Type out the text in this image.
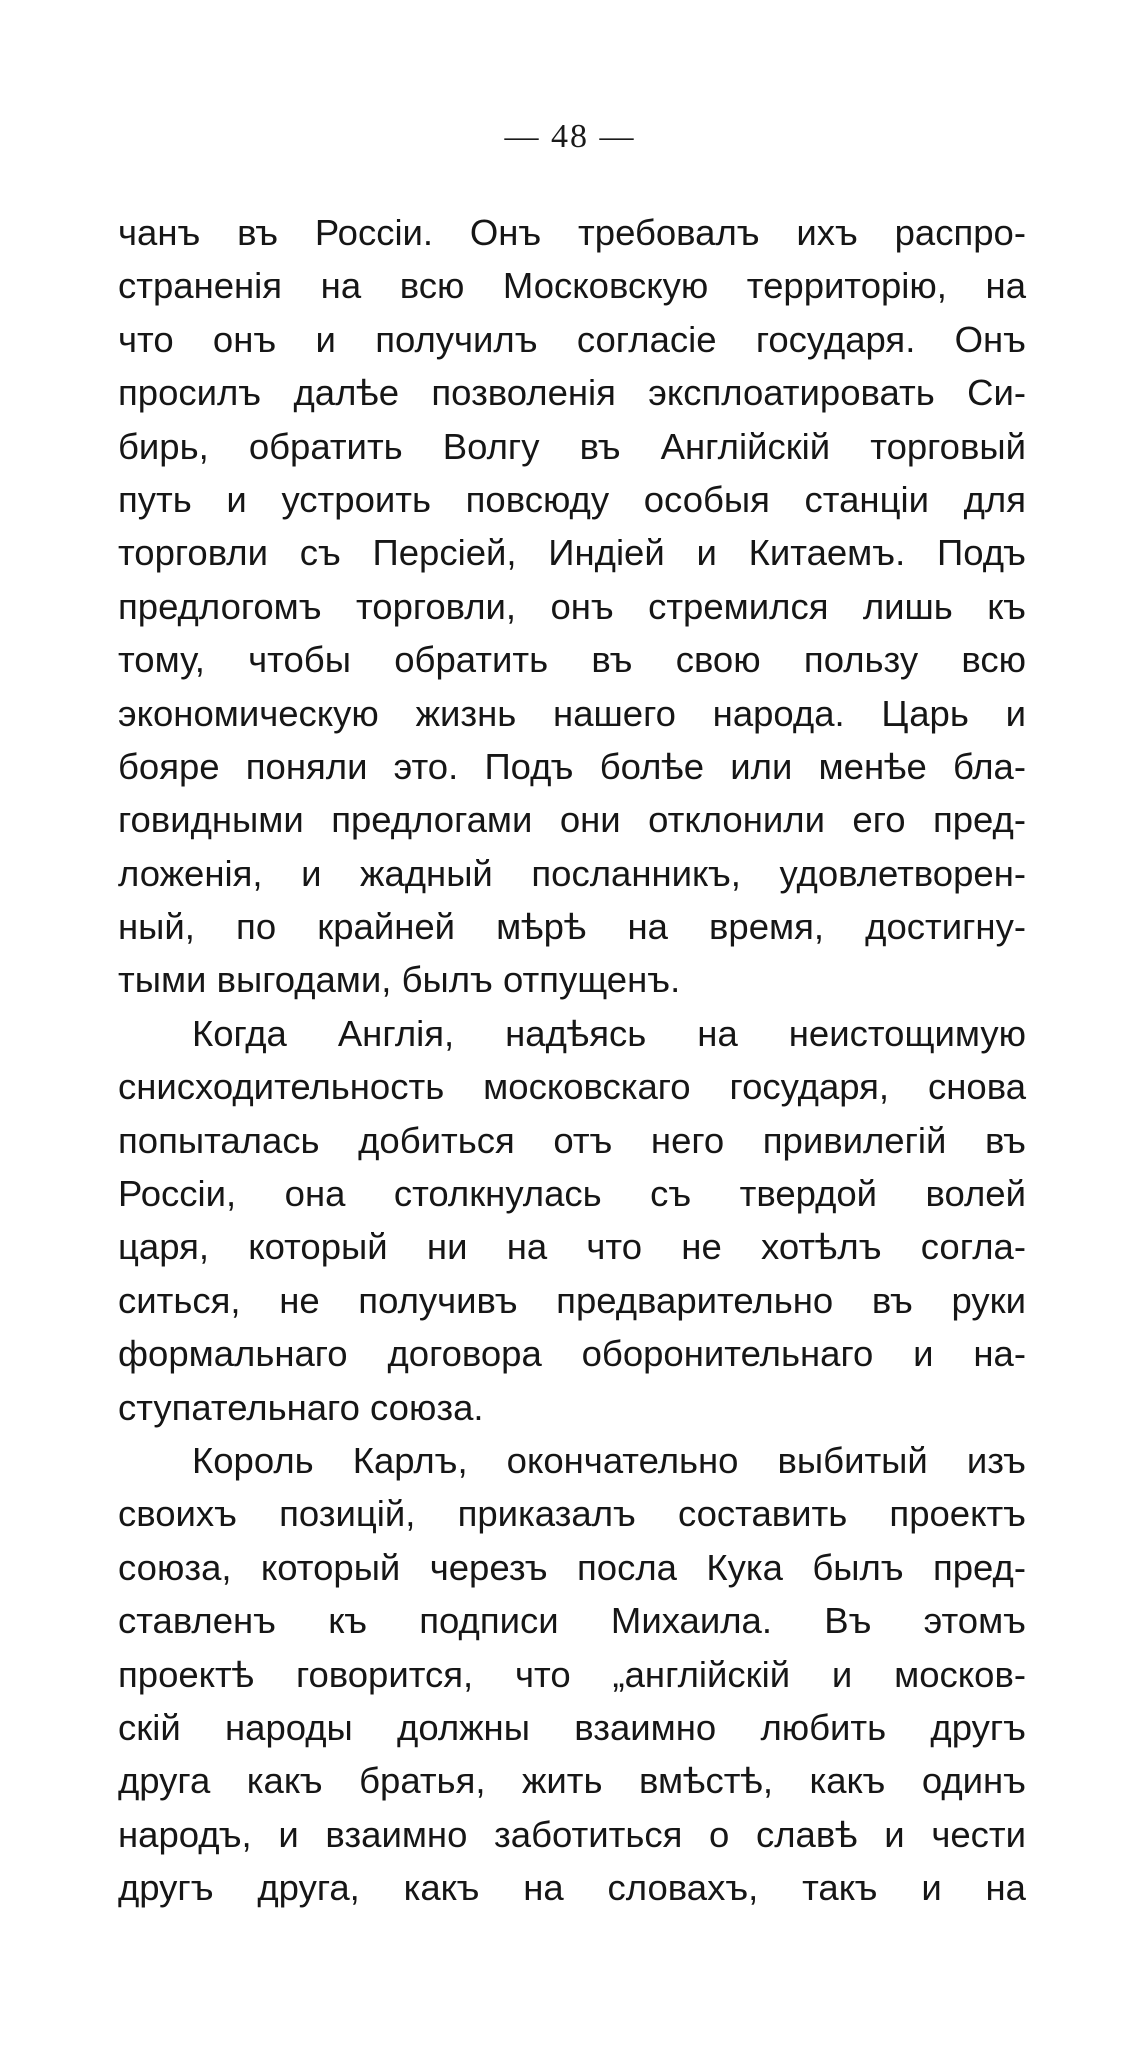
— 48 —
чанъ въ Россіи. Онъ требовалъ ихъ распро-
страненія на всю Московскую территорію, на
что онъ и получилъ согласіе государя. Онъ
просилъ далѣе позволенія эксплоатировать Си-
бирь, обратить Волгу въ Англійскій торговый
путь и устроить повсюду особыя станціи для
торговли съ Персіей, Индіей и Китаемъ. Подъ
предлогомъ торговли, онъ стремился лишь къ
тому, чтобы обратить въ свою пользу всю
экономическую жизнь нашего народа. Царь и
бояре поняли это. Подъ болѣе или менѣе бла-
говидными предлогами они отклонили его пред-
ложенія, и жадный посланникъ, удовлетворен-
ный, по крайней мѣрѣ на время, достигну-
тыми выгодами, былъ отпущенъ.
Когда Англія, надѣясь на неистощимую
снисходительность московскаго государя, снова
попыталась добиться отъ него привилегій въ
Россіи, она столкнулась съ твердой волей
царя, который ни на что не хотѣлъ согла-
ситься, не получивъ предварительно въ руки
формальнаго договора оборонительнаго и на-
ступательнаго союза.
Король Карлъ, окончательно выбитый изъ
своихъ позицій, приказалъ составить проектъ
союза, который черезъ посла Кука былъ пред-
ставленъ къ подписи Михаила. Въ этомъ
проектѣ говорится, что „англійскій и москов-
скій народы должны взаимно любить другъ
друга какъ братья, жить вмѣстѣ, какъ одинъ
народъ, и взаимно заботиться о славѣ и чести
другъ друга, какъ на словахъ, такъ и на
